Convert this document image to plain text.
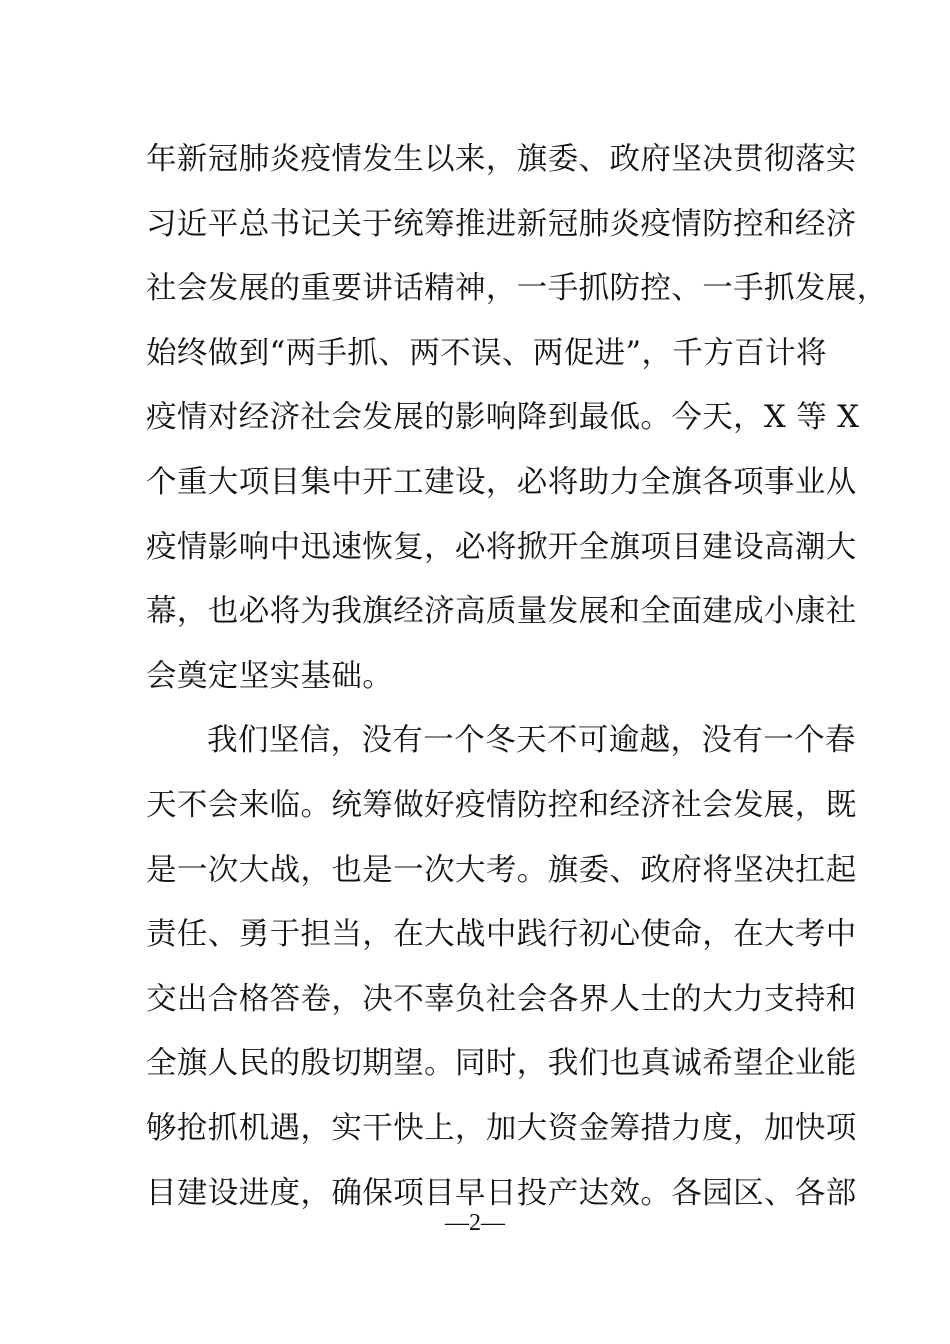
年新冠肺炎疫情发生以来，旗委、政府坚决贯彻落实
习近平总书记关于统筹推进新冠肺炎疫情防控和经济
社会发展的重要讲话精神，一手抓防控、一手抓发展，
始终做到“两手抓、两不误、两促进”，千方百计将
疫情对经济社会发展的影响降到最低。今天，X 等 X
个重大项目集中开工建设，必将助力全旗各项事业从
疫情影响中迅速恢复，必将掀开全旗项目建设高潮大
幕，也必将为我旗经济高质量发展和全面建成小康社
会奠定坚实基础。
我们坚信，没有一个冬天不可逾越，没有一个春
天不会来临。统筹做好疫情防控和经济社会发展，既
是一次大战，也是一次大考。旗委、政府将坚决扛起
责任、勇于担当，在大战中践行初心使命，在大考中
交出合格答卷，决不辜负社会各界人士的大力支持和
全旗人民的殷切期望。同时，我们也真诚希望企业能
够抢抓机遇，实干快上，加大资金筹措力度，加快项
目建设进度，确保项目早日投产达效。各园区、各部
—2—
